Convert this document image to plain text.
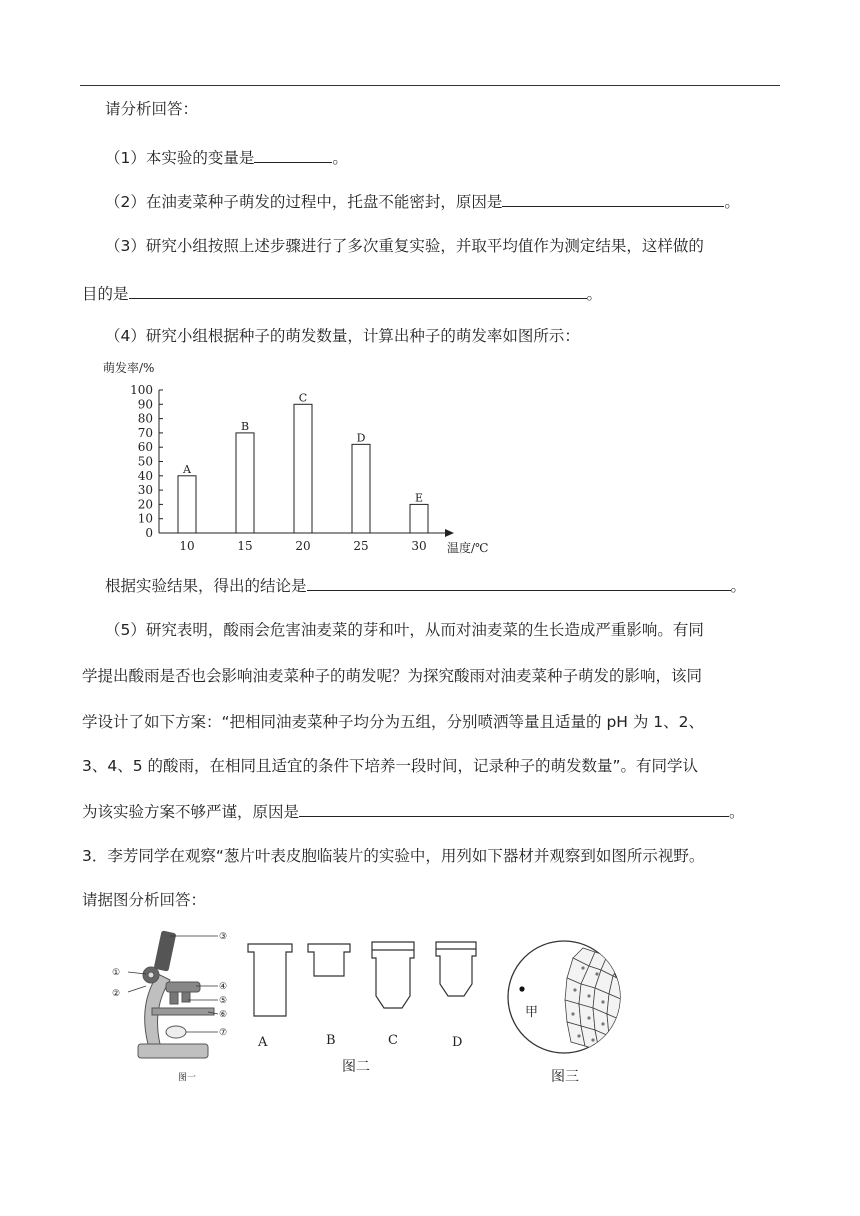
请分析回答：
（1）本实验的变量是	。
（2）在油麦菜种子萌发的过程中，托盘不能密封，原因是	。
（3）研究小组按照上述步骤进行了多次重复实验，并取平均值作为测定结果，这样做的
目的是	。
（4）研究小组根据种子的萌发数量，计算出种子的萌发率如图所示：
萌发率/%
0
10
20
30
40
50
60
70
80
90
100
A
B
C
D
E
10	15	20	25	30 温度/℃
根据实验结果，得出的结论是	。
（5）研究表明，酸雨会危害油麦菜的芽和叶，从而对油麦菜的生长造成严重影响。有同
学提出酸雨是否也会影响油麦菜种子的萌发呢？为探究酸雨对油麦菜种子萌发的影响，该同
学设计了如下方案：“把相同油麦菜种子均分为五组，分别喷洒等量且适量的 pH 为 1、2、
3、4、5 的酸雨，在相同且适宜的条件下培养一段时间，记录种子的萌发数量”。有同学认
为该实验方案不够严谨，原因是	。
3．李芳同学在观察“葱片叶表皮胞临装片的实验中，用列如下器材并观察到如图所示视野。
请据图分析回答：
③
①
②
④
⑤
⑥
⑦
图一
A	B	C	D
图二
甲
图三
